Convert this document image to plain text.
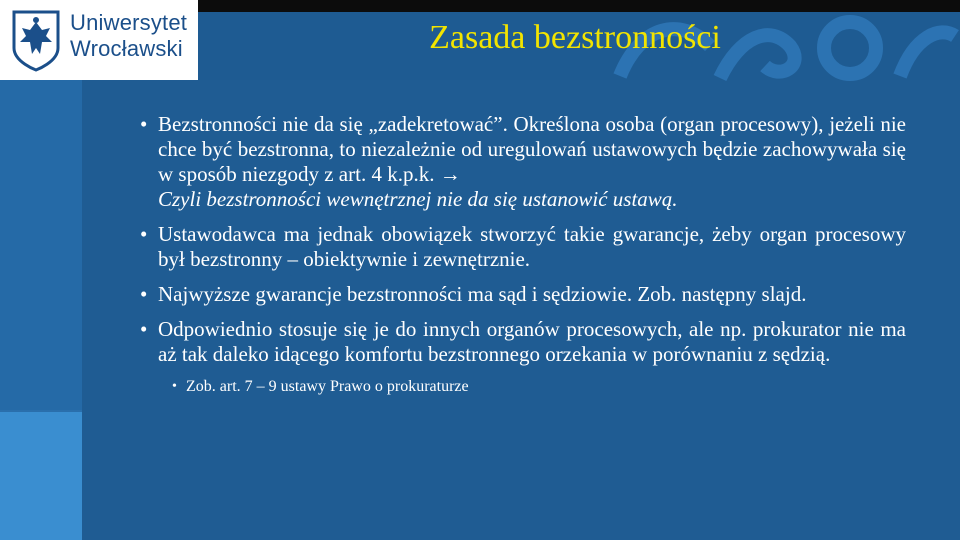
Uniwersytet
Wrocławski	Zasada bezstronności
• Bezstronności nie da się „zadekretować”. Określona osoba (organ procesowy), jeżeli nie chce być bezstronna, to niezależnie od uregulowań ustawowych będzie zachowywała się w sposób niezgody z art. 4 k.p.k. →
Czyli bezstronności wewnętrznej nie da się ustanowić ustawą.
• Ustawodawca ma jednak obowiązek stworzyć takie gwarancje, żeby organ procesowy był bezstronny – obiektywnie i zewnętrznie.
• Najwyższe gwarancje bezstronności ma sąd i sędziowie. Zob. następny slajd.
• Odpowiednio stosuje się je do innych organów procesowych, ale np. prokurator nie ma aż tak daleko idącego komfortu bezstronnego orzekania w porównaniu z sędzią.
• Zob. art. 7 – 9 ustawy Prawo o prokuraturze
